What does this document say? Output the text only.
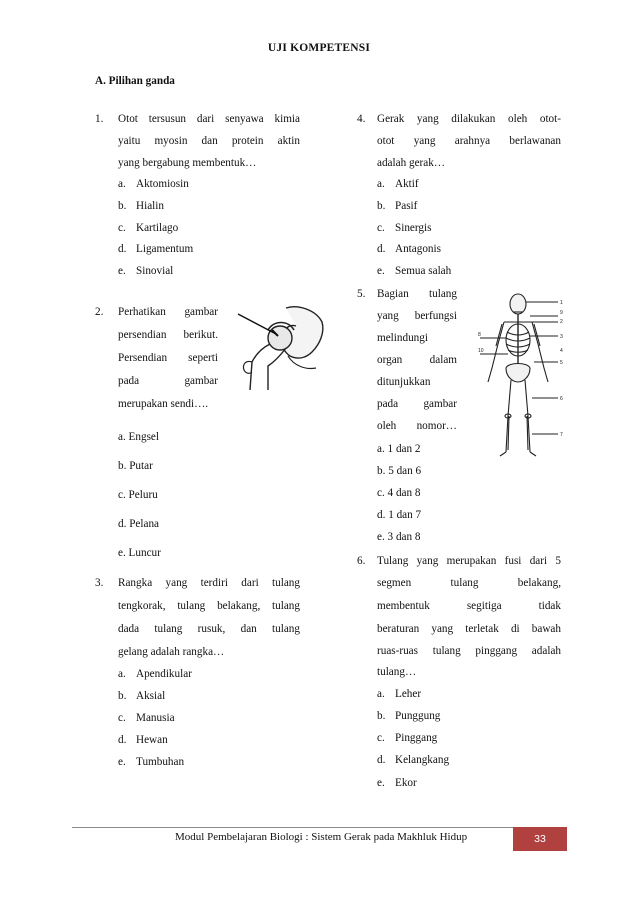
UJI KOMPETENSI
A. Pilihan ganda
1. Otot tersusun dari senyawa kimia
yaitu myosin dan protein aktin
yang bergabung membentuk…
a. Aktomiosin
b. Hialin
c. Kartilago
d. Ligamentum
e. Sinovial
2. Perhatikan gambar
persendian berikut.
Persendian seperti
pada gambar
merupakan sendi….
a. Engsel
b. Putar
c. Peluru
d. Pelana
e. Luncur
3. Rangka yang terdiri dari tulang
tengkorak, tulang belakang, tulang
dada tulang rusuk, dan tulang
gelang adalah rangka…
a. Apendikular
b. Aksial
c. Manusia
d. Hewan
e. Tumbuhan
4. Gerak yang dilakukan oleh otot-
otot yang arahnya berlawanan
adalah gerak…
a. Aktif
b. Pasif
c. Sinergis
d. Antagonis
e. Semua salah
5. Bagian tulang
yang berfungsi
melindungi
organ dalam
ditunjukkan
pada gambar
oleh nomor…
a. 1 dan 2
b. 5 dan 6
c. 4 dan 8
d. 1 dan 7
e. 3 dan 8
1
9
2
3
4
5
6
7
8
10
6. Tulang yang merupakan fusi dari 5
segmen tulang belakang,
membentuk segitiga tidak
beraturan yang terletak di bawah
ruas-ruas tulang pinggang adalah
tulang…
a. Leher
b. Punggung
c. Pinggang
d. Kelangkang
e. Ekor
Modul Pembelajaran Biologi : Sistem Gerak pada Makhluk Hidup	33
